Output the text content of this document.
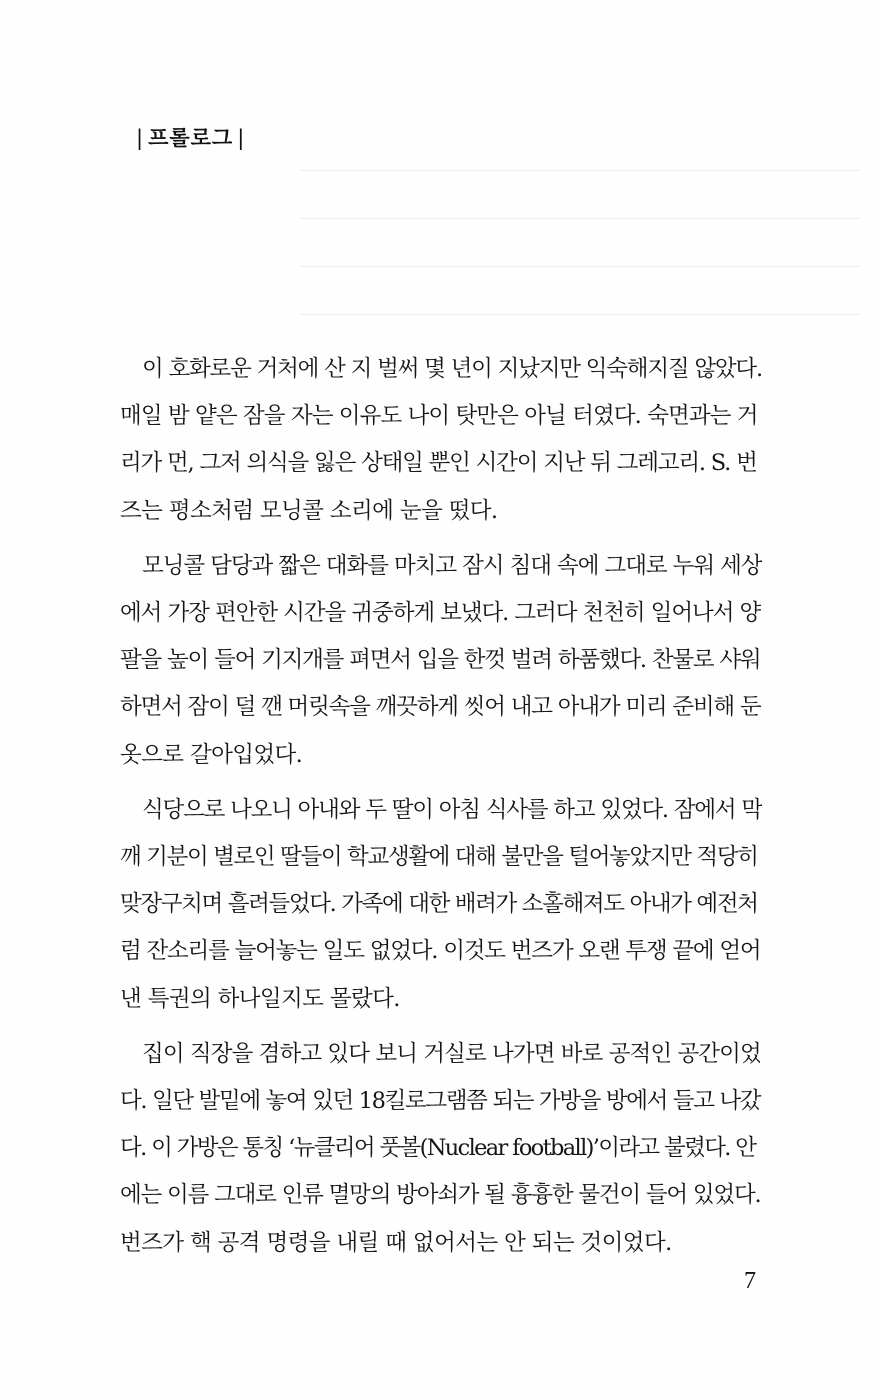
| 프롤로그 |

이 호화로운 거처에 산 지 벌써 몇 년이 지났지만 익숙해지질 않았다.
매일 밤 얕은 잠을 자는 이유도 나이 탓만은 아닐 터였다. 숙면과는 거
리가 먼, 그저 의식을 잃은 상태일 뿐인 시간이 지난 뒤 그레고리. S. 번
즈는 평소처럼 모닝콜 소리에 눈을 떴다.

모닝콜 담당과 짧은 대화를 마치고 잠시 침대 속에 그대로 누워 세상
에서 가장 편안한 시간을 귀중하게 보냈다. 그러다 천천히 일어나서 양
팔을 높이 들어 기지개를 펴면서 입을 한껏 벌려 하품했다. 찬물로 샤워
하면서 잠이 덜 깬 머릿속을 깨끗하게 씻어 내고 아내가 미리 준비해 둔
옷으로 갈아입었다.

식당으로 나오니 아내와 두 딸이 아침 식사를 하고 있었다. 잠에서 막
깨 기분이 별로인 딸들이 학교생활에 대해 불만을 털어놓았지만 적당히
맞장구치며 흘려들었다. 가족에 대한 배려가 소홀해져도 아내가 예전처
럼 잔소리를 늘어놓는 일도 없었다. 이것도 번즈가 오랜 투쟁 끝에 얻어
낸 특권의 하나일지도 몰랐다.

집이 직장을 겸하고 있다 보니 거실로 나가면 바로 공적인 공간이었
다. 일단 발밑에 놓여 있던 18킬로그램쯤 되는 가방을 방에서 들고 나갔
다. 이 가방은 통칭 ‘뉴클리어 풋볼(Nuclear football)’이라고 불렸다. 안
에는 이름 그대로 인류 멸망의 방아쇠가 될 흉흉한 물건이 들어 있었다.
번즈가 핵 공격 명령을 내릴 때 없어서는 안 되는 것이었다.

7
